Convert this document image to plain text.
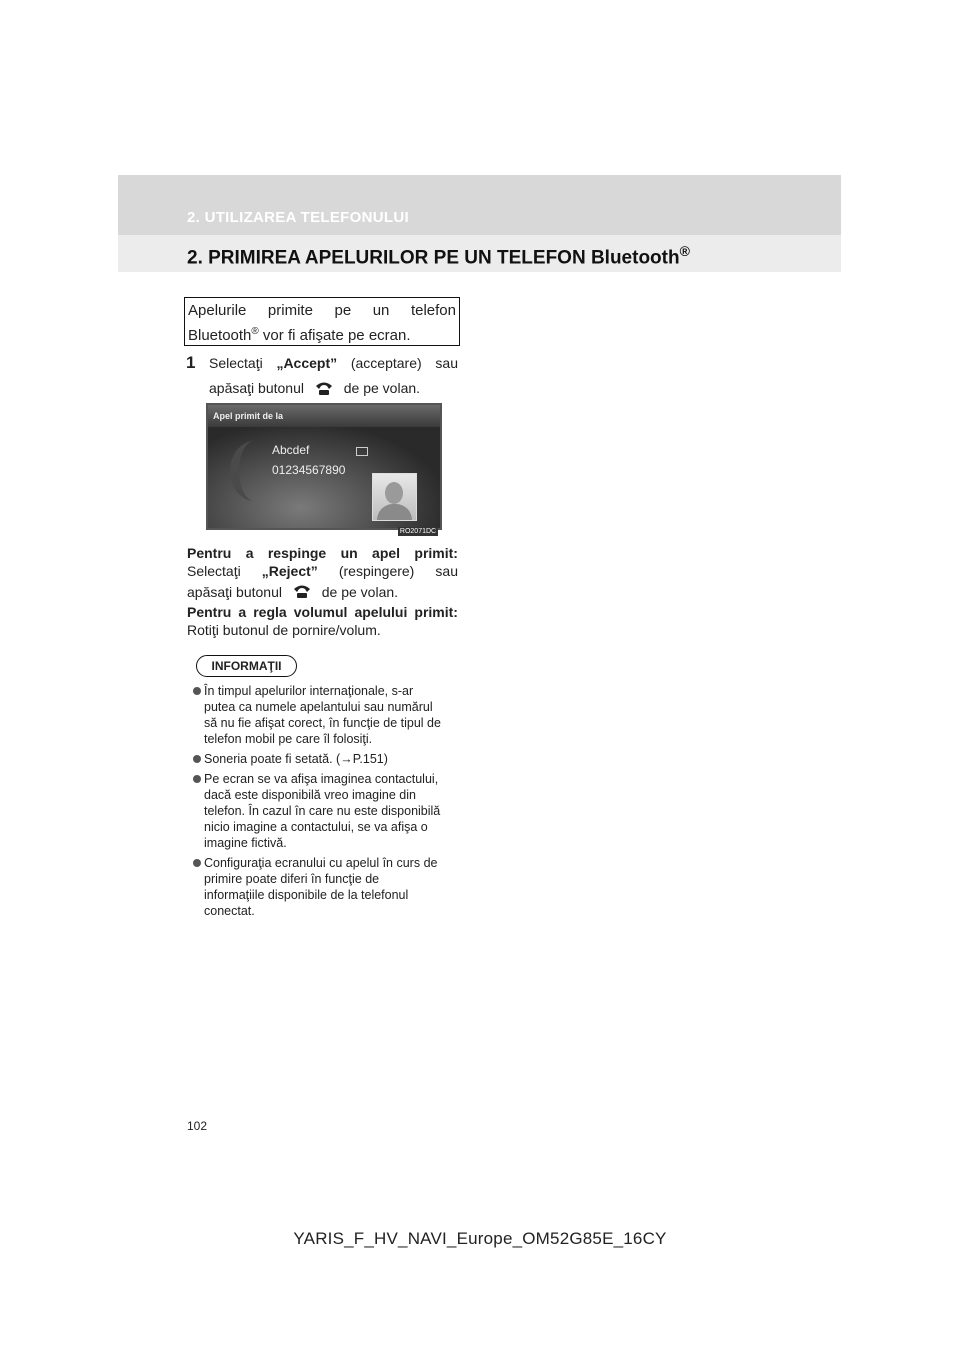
2. UTILIZAREA TELEFONULUI
2. PRIMIREA APELURILOR PE UN TELEFON Bluetooth®
Apelurile primite pe un telefon
Bluetooth® vor fi afişate pe ecran.
1 Selectaţi „Accept” (acceptare) sau
apăsaţi butonul	de pe volan.
Apel primit de la
Abcdef
01234567890
RO2071DC
Pentru a respinge un apel primit:
Selectaţi „Reject” (respingere) sau
apăsaţi butonul	de pe volan.
Pentru a regla volumul apelului primit:
Rotiţi butonul de pornire/volum.
INFORMAŢII
În timpul apelurilor internaţionale, s-ar
putea ca numele apelantului sau numărul
să nu fie afişat corect, în funcţie de tipul de
telefon mobil pe care îl folosiţi.
Soneria poate fi setată. (→P.151)
Pe ecran se va afişa imaginea contactului,
dacă este disponibilă vreo imagine din
telefon. În cazul în care nu este disponibilă
nicio imagine a contactului, se va afişa o
imagine fictivă.
Configuraţia ecranului cu apelul în curs de
primire poate diferi în funcţie de
informaţiile disponibile de la telefonul
conectat.
102
YARIS_F_HV_NAVI_Europe_OM52G85E_16CY
